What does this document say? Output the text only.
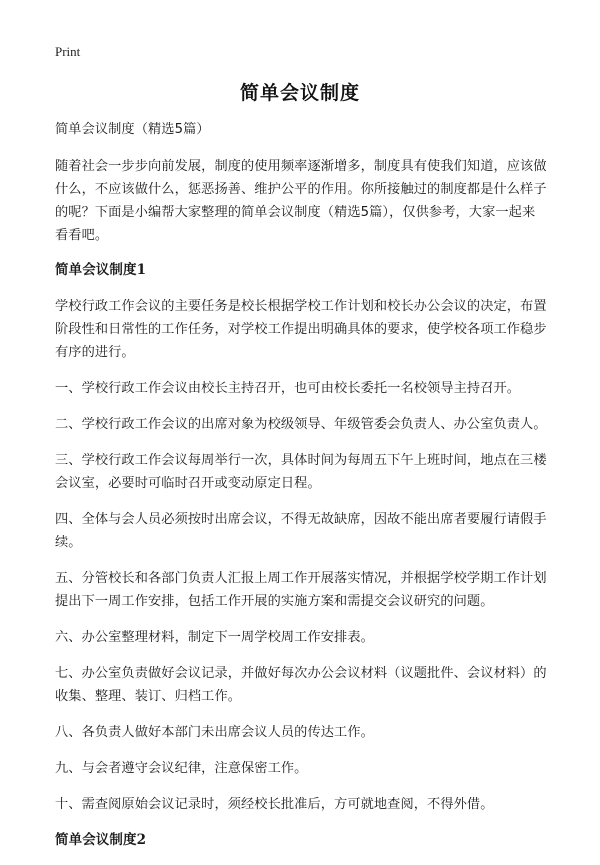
Print
简单会议制度

简单会议制度（精选5篇）

随着社会一步步向前发展，制度的使用频率逐渐增多，制度具有使我们知道，应该做什么，不应该做什么，惩恶扬善、维护公平的作用。你所接触过的制度都是什么样子的呢？下面是小编帮大家整理的简单会议制度（精选5篇），仅供参考，大家一起来看看吧。

简单会议制度1

学校行政工作会议的主要任务是校长根据学校工作计划和校长办公会议的决定，布置阶段性和日常性的工作任务，对学校工作提出明确具体的要求，使学校各项工作稳步有序的进行。

一、学校行政工作会议由校长主持召开，也可由校长委托一名校领导主持召开。

二、学校行政工作会议的出席对象为校级领导、年级管委会负责人、办公室负责人。

三、学校行政工作会议每周举行一次，具体时间为每周五下午上班时间，地点在三楼会议室，必要时可临时召开或变动原定日程。

四、全体与会人员必须按时出席会议，不得无故缺席，因故不能出席者要履行请假手续。

五、分管校长和各部门负责人汇报上周工作开展落实情况，并根据学校学期工作计划提出下一周工作安排，包括工作开展的实施方案和需提交会议研究的问题。

六、办公室整理材料，制定下一周学校周工作安排表。

七、办公室负责做好会议记录，并做好每次办公会议材料（议题批件、会议材料）的收集、整理、装订、归档工作。

八、各负责人做好本部门未出席会议人员的传达工作。

九、与会者遵守会议纪律，注意保密工作。

十、需查阅原始会议记录时，须经校长批准后，方可就地查阅，不得外借。

简单会议制度2
